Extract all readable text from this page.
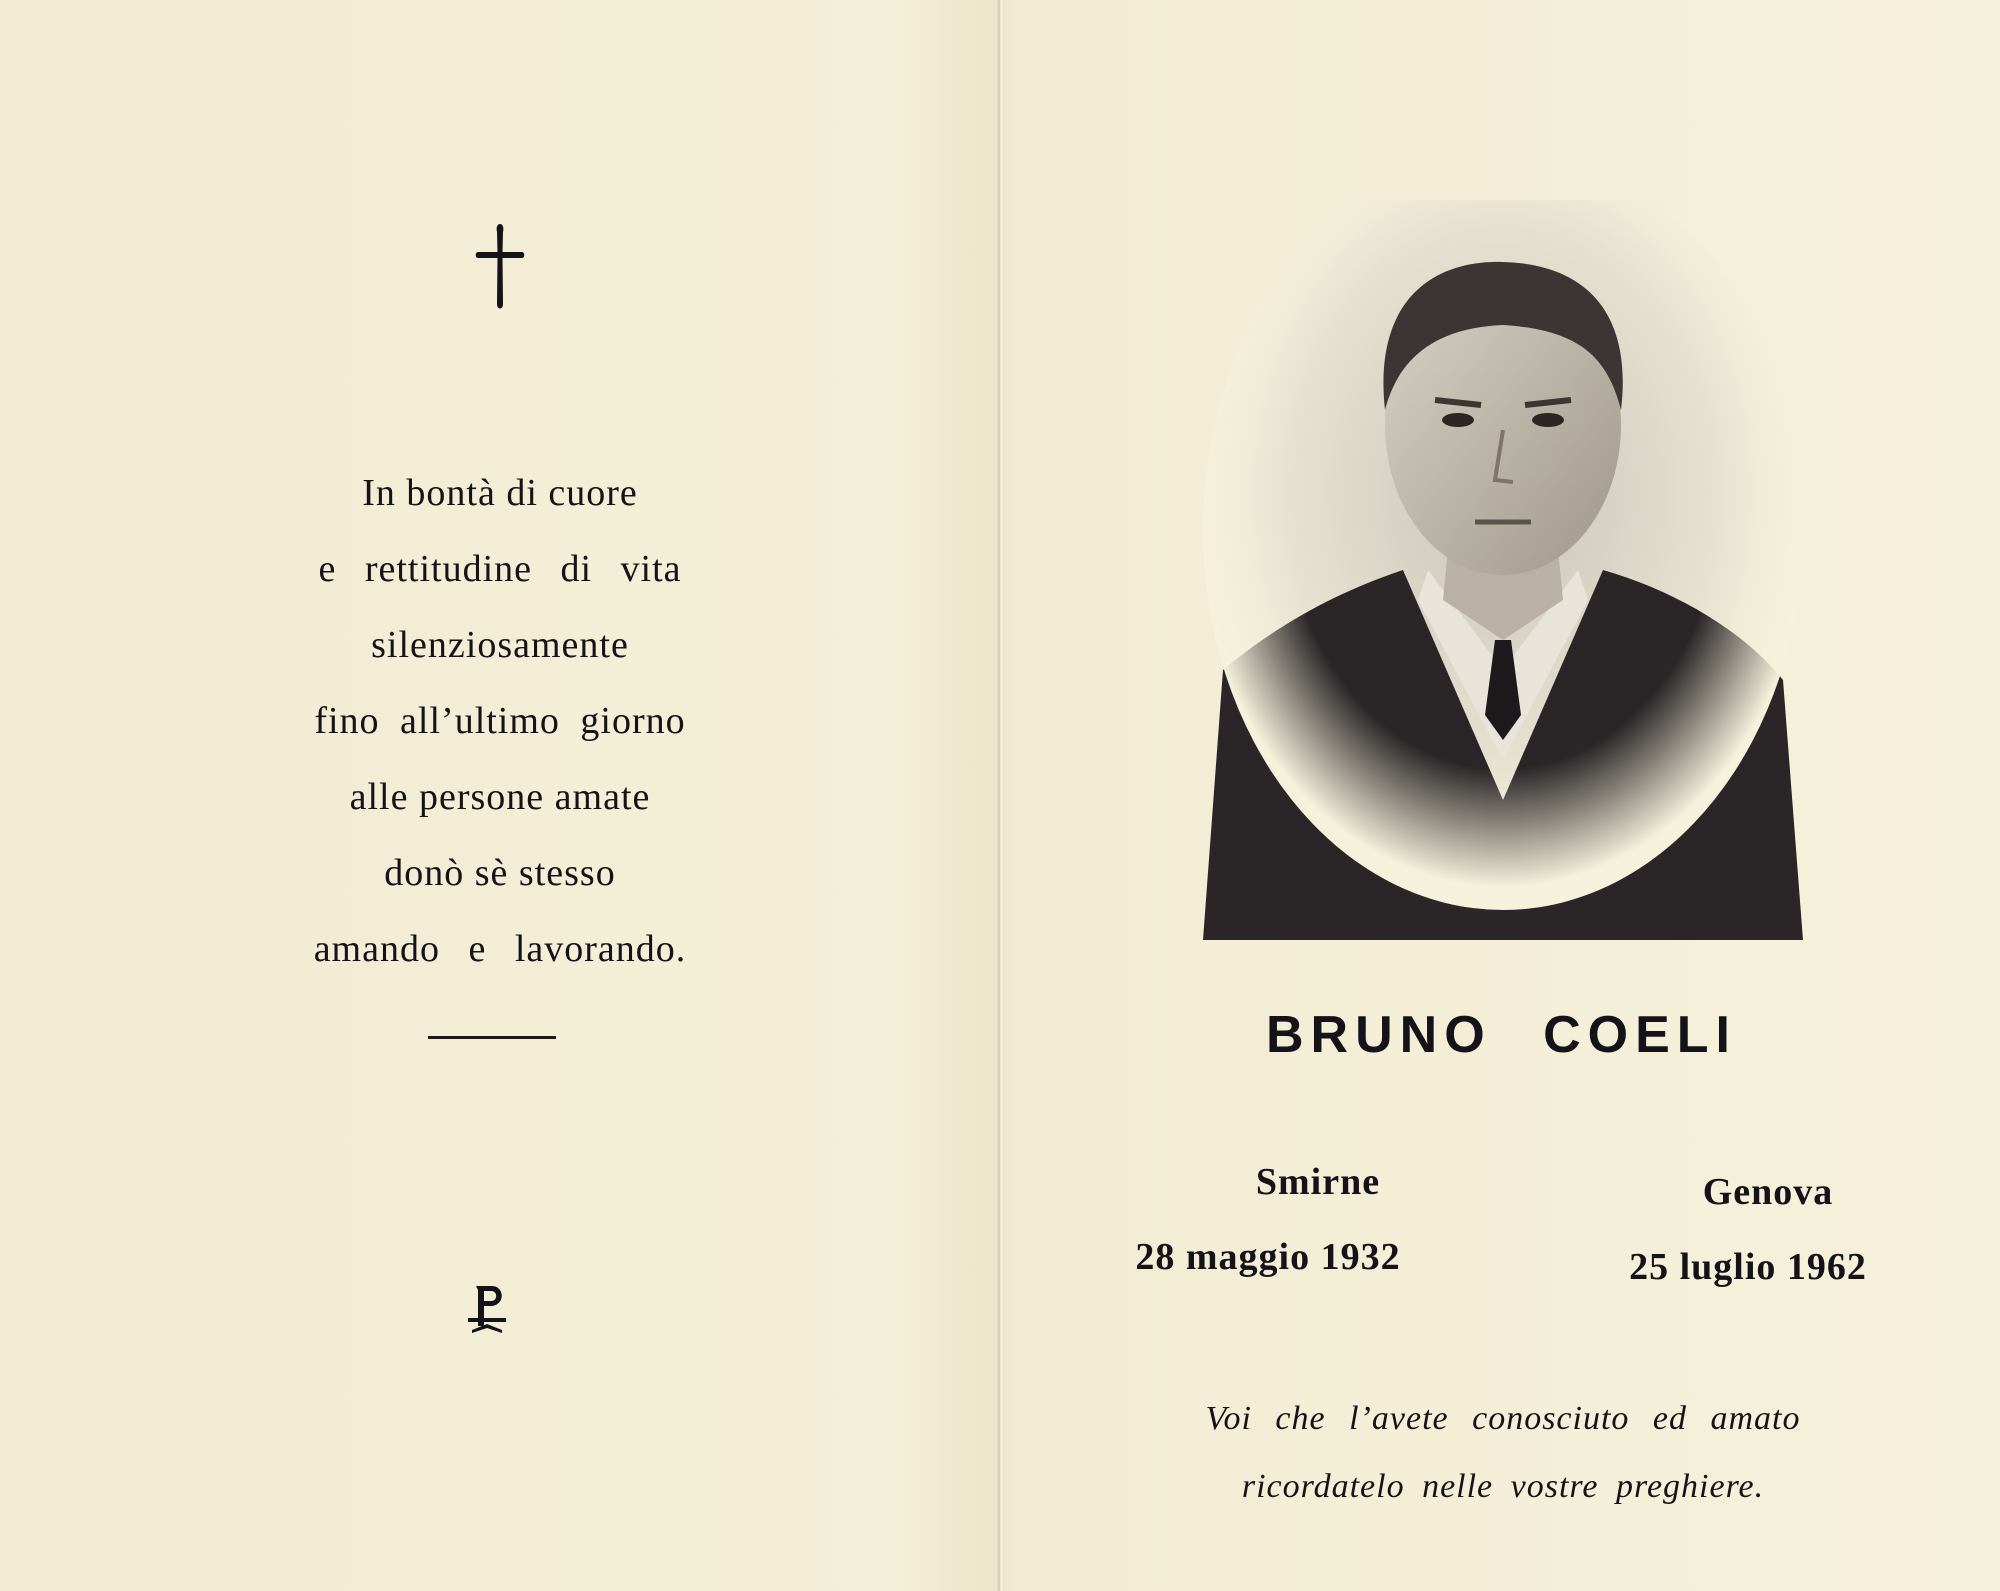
In bontà di cuore
e rettitudine di vita
silenziosamente
fino all’ultimo giorno
alle persone amate
donò sè stesso
amando e lavorando.
BRUNO COELI
Smirne
28 maggio 1932
Genova
25 luglio 1962
Voi che l’avete conosciuto ed amato
ricordatelo nelle vostre preghiere.
